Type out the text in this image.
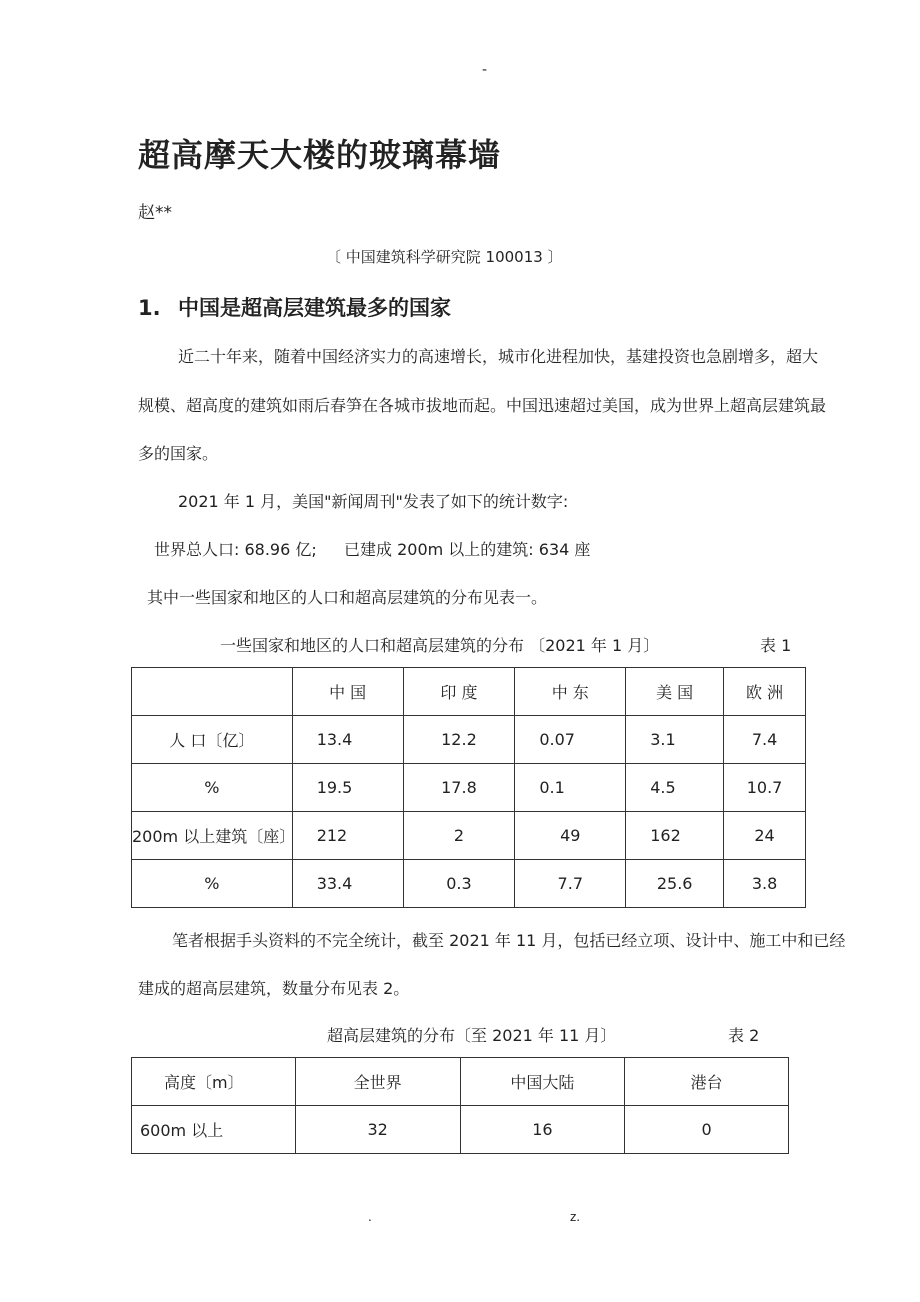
-
超高摩天大楼的玻璃幕墙
赵**
〔 中国建筑科学研究院 100013 〕
1. 中国是超高层建筑最多的国家
近二十年来，随着中国经济实力的高速增长，城市化进程加快，基建投资也急剧增多，超大
规模、超高度的建筑如雨后春笋在各城市拔地而起。中国迅速超过美国，成为世界上超高层建筑最
多的国家。
2021 年 1 月，美国"新闻周刊"发表了如下的统计数字:
世界总人口: 68.96 亿; 已建成 200m 以上的建筑: 634 座
其中一些国家和地区的人口和超高层建筑的分布见表一。
一些国家和地区的人口和超高层建筑的分布 〔2021 年 1 月〕	表 1
	中 国	印 度	中 东	美 国	欧 洲
人 口〔亿〕	13.4	12.2	0.07	3.1	7.4
%	19.5	17.8	0.1	4.5	10.7
200m 以上建筑〔座〕	212	2	49	162	24
%	33.4	0.3	7.7	25.6	3.8
笔者根据手头资料的不完全统计，截至 2021 年 11 月，包括已经立项、设计中、施工中和已经
建成的超高层建筑，数量分布见表 2。
超高层建筑的分布〔至 2021 年 11 月〕	表 2
高度〔m〕	全世界	中国大陆	港台
600m 以上	32	16	0
.	z.
